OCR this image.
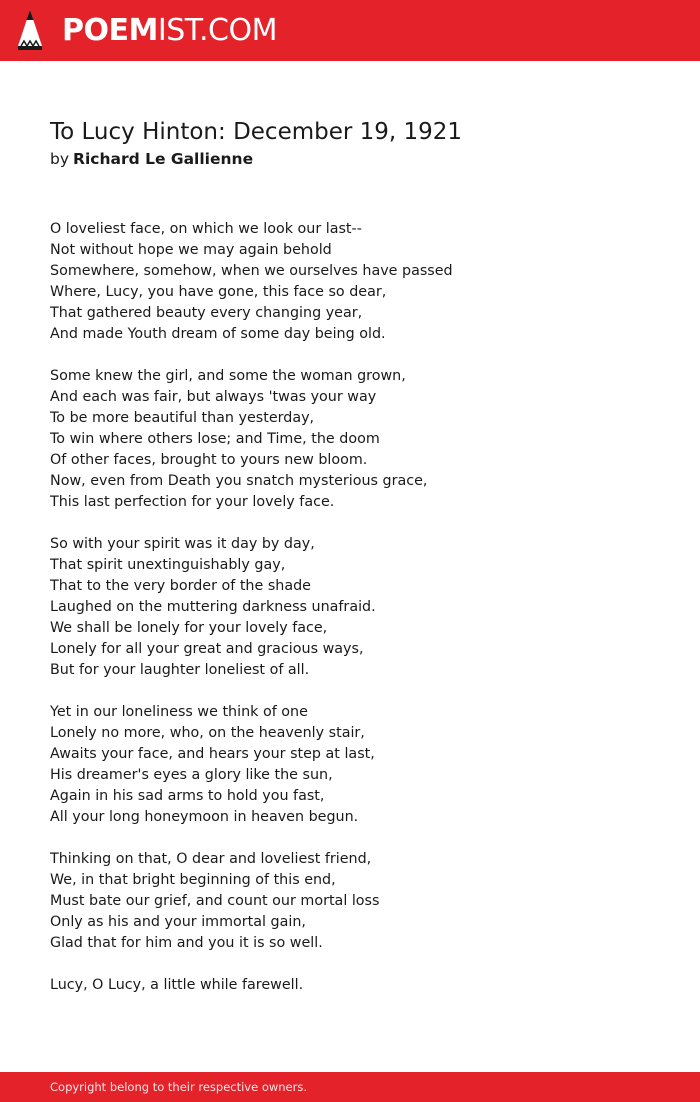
POEMIST.COM
To Lucy Hinton: December 19, 1921
by Richard Le Gallienne
O loveliest face, on which we look our last--
Not without hope we may again behold
Somewhere, somehow, when we ourselves have passed
Where, Lucy, you have gone, this face so dear,
That gathered beauty every changing year,
And made Youth dream of some day being old.
Some knew the girl, and some the woman grown,
And each was fair, but always 'twas your way
To be more beautiful than yesterday,
To win where others lose; and Time, the doom
Of other faces, brought to yours new bloom.
Now, even from Death you snatch mysterious grace,
This last perfection for your lovely face.
So with your spirit was it day by day,
That spirit unextinguishably gay,
That to the very border of the shade
Laughed on the muttering darkness unafraid.
We shall be lonely for your lovely face,
Lonely for all your great and gracious ways,
But for your laughter loneliest of all.
Yet in our loneliness we think of one
Lonely no more, who, on the heavenly stair,
Awaits your face, and hears your step at last,
His dreamer's eyes a glory like the sun,
Again in his sad arms to hold you fast,
All your long honeymoon in heaven begun.
Thinking on that, O dear and loveliest friend,
We, in that bright beginning of this end,
Must bate our grief, and count our mortal loss
Only as his and your immortal gain,
Glad that for him and you it is so well.
Lucy, O Lucy, a little while farewell.
Copyright belong to their respective owners.
